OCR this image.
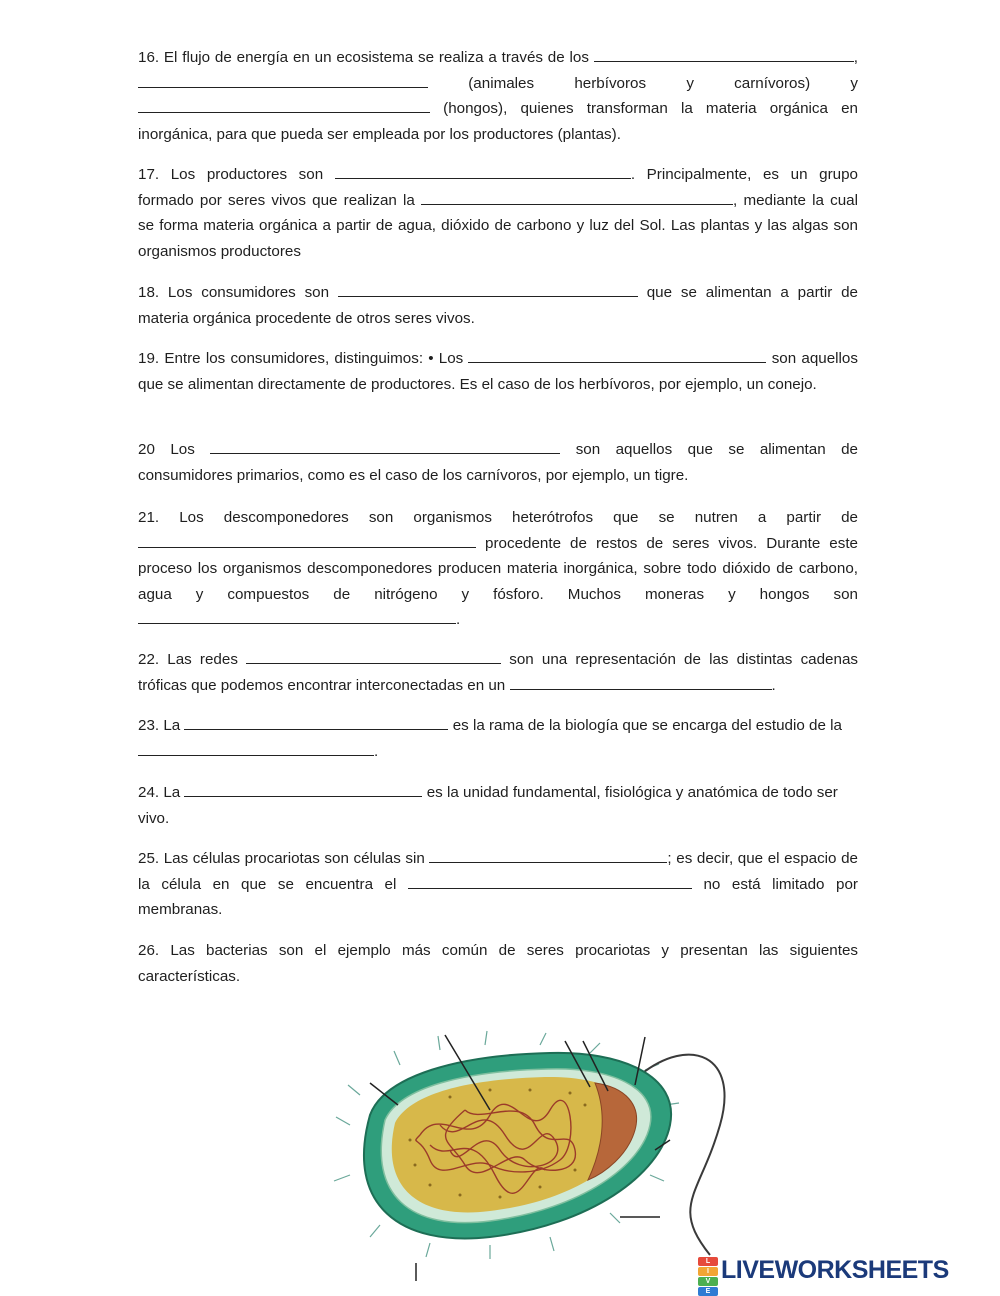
16. El flujo de energía en un ecosistema se realiza a través de los	,  (animales herbívoros y carnívoros) y  (hongos), quienes transforman la materia orgánica en inorgánica, para que pueda ser empleada por los productores (plantas).

17. Los productores son	. Principalmente, es un grupo formado por seres vivos que realizan la	, mediante la cual se forma materia orgánica a partir de agua, dióxido de carbono y luz del Sol. Las plantas y las algas son organismos productores

18. Los consumidores son	que se alimentan a partir de materia orgánica procedente de otros seres vivos.

19. Entre los consumidores, distinguimos: • Los	son aquellos que se alimentan directamente de productores. Es el caso de los herbívoros, por ejemplo, un conejo.

20 Los	son aquellos que se alimentan de consumidores primarios, como es el caso de los carnívoros, por ejemplo, un tigre.

21. Los descomponedores son organismos heterótrofos que se nutren a partir de  procedente de restos de seres vivos. Durante este proceso los organismos descomponedores producen materia inorgánica, sobre todo dióxido de carbono, agua y compuestos de nitrógeno y fósforo. Muchos moneras y hongos son .

22. Las redes	son una representación de las distintas cadenas tróficas que podemos encontrar interconectadas en un	.

23. La	es la rama de la biología que se encarga del estudio de la .

24. La	es la unidad fundamental, fisiológica y anatómica de todo ser vivo.

25. Las células procariotas son células sin	; es decir, que el espacio de la célula en que se encuentra el	no está limitado por membranas.

26. Las bacterias son el ejemplo más común de seres procariotas y presentan las siguientes características.

L
I
V
E
LIVEWORKSHEETS
